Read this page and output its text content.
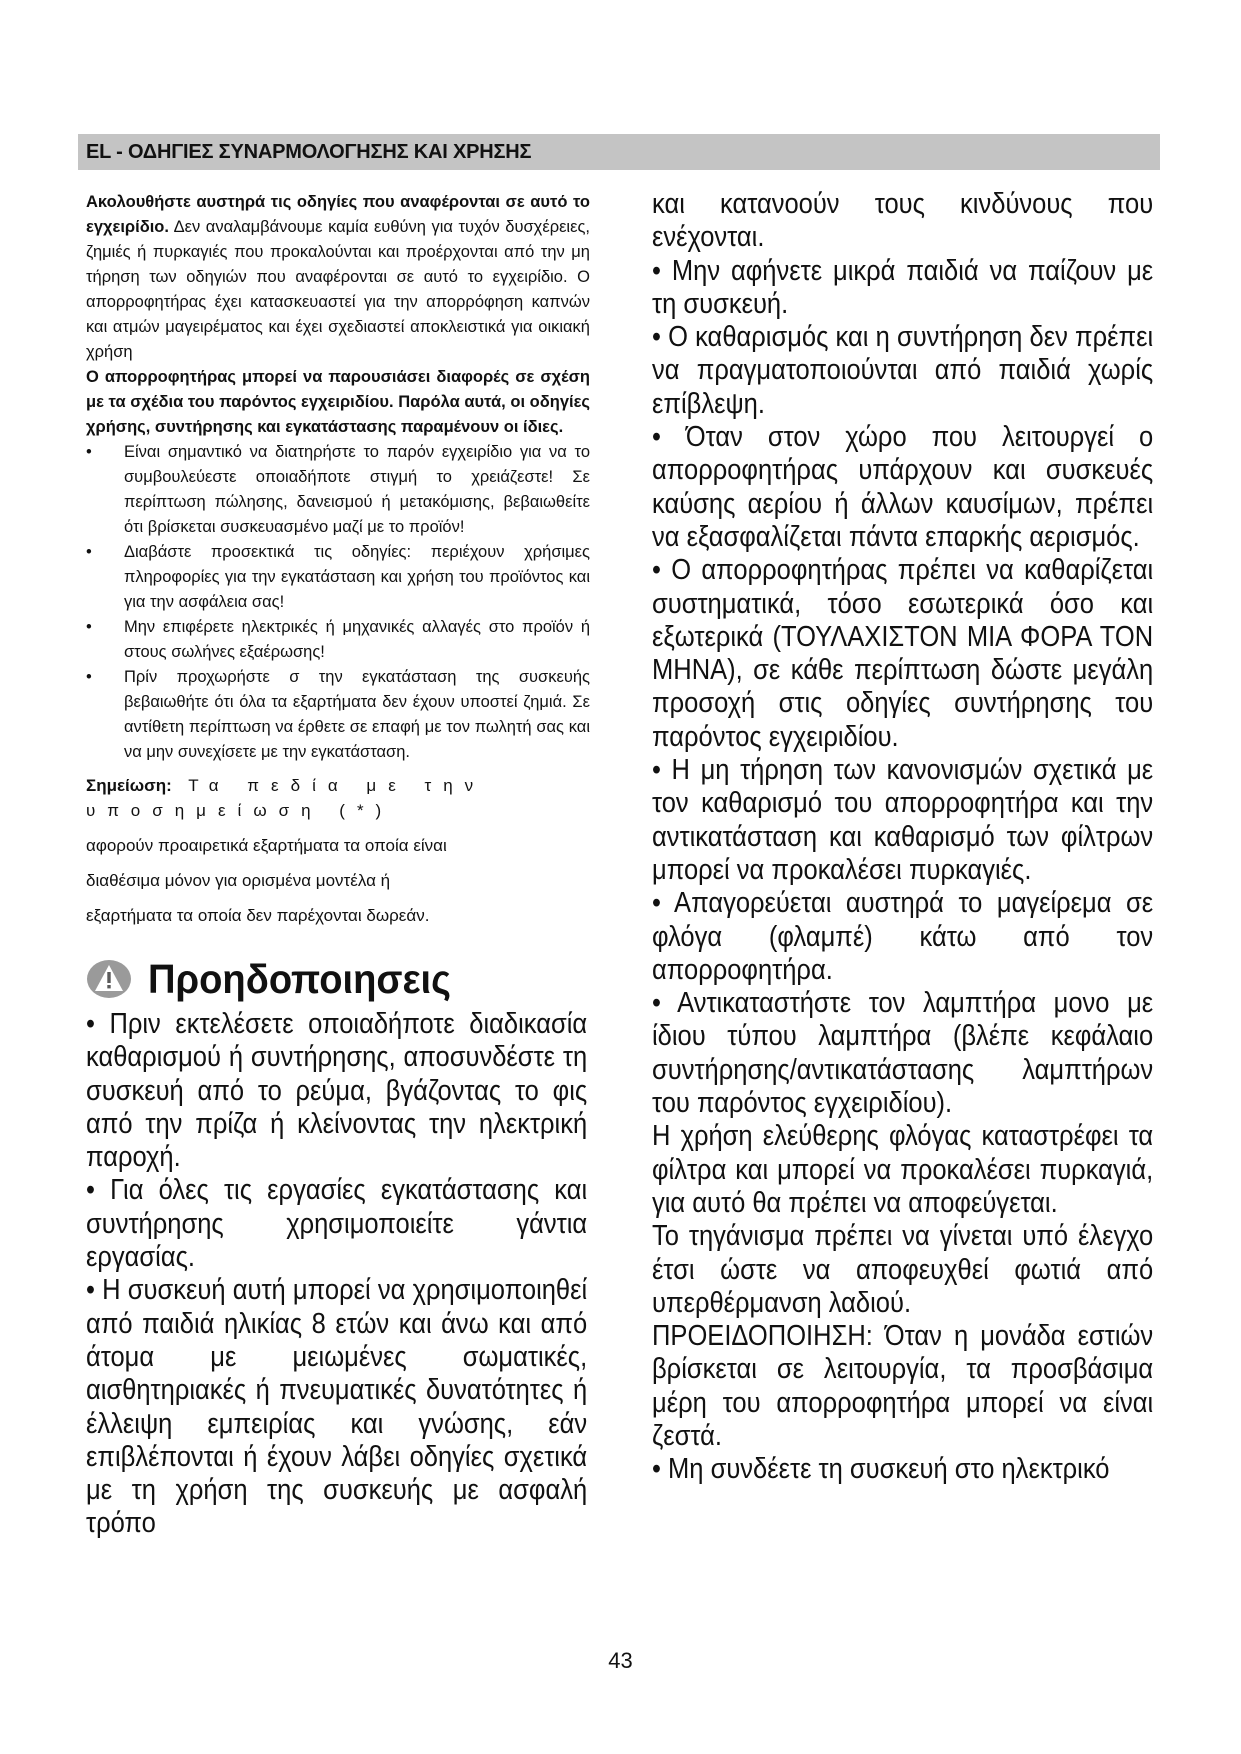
EL - ΟΔΗΓΙΕΣ ΣΥΝΑΡΜΟΛΟΓΗΣΗΣ ΚΑΙ ΧΡΗΣΗΣ

Ακολουθήστε αυστηρά τις οδηγίες που αναφέρονται σε αυτό το εγχειρίδιο. Δεν αναλαμβάνουμε καμία ευθύνη για τυχόν δυσχέρειες, ζημιές ή πυρκαγιές που προκαλούνται και προέρχονται από την μη τήρηση των οδηγιών που αναφέρονται σε αυτό το εγχειρίδιο. Ο απορροφητήρας έχει κατασκευαστεί για την απορρόφηση καπνών και ατμών μαγειρέματος και έχει σχεδιαστεί αποκλειστικά για οικιακή χρήση

Ο απορροφητήρας μπορεί να παρουσιάσει διαφορές σε σχέση με τα σχέδια του παρόντος εγχειριδίου. Παρόλα αυτά, οι οδηγίες χρήσης, συντήρησης και εγκατάστασης παραμένουν οι ίδιες.

• Είναι σημαντικό να διατηρήστε το παρόν εγχειρίδιο για να το συμβουλεύεστε οποιαδήποτε στιγμή το χρειάζεστε! Σε περίπτωση πώλησης, δανεισμού ή μετακόμισης, βεβαιωθείτε ότι βρίσκεται συσκευασμένο μαζί με το προϊόν!
• Διαβάστε προσεκτικά τις οδηγίες: περιέχουν χρήσιμες πληροφορίες για την εγκατάσταση και χρήση του προϊόντος και για την ασφάλεια σας!
• Μην επιφέρετε ηλεκτρικές ή μηχανικές αλλαγές στο προϊόν ή στους σωλήνες εξαέρωσης!
• Πρίν προχωρήστε σ την εγκατάσταση της συσκευής βεβαιωθήτε ότι όλα τα εξαρτήματα δεν έχουν υποστεί ζημιά. Σε αντίθετη περίπτωση να έρθετε σε επαφή με τον πωλητή σας και να μην συνεχίσετε με την εγκατάσταση.

Σημείωση: Τα πεδία με την υποσημείωση (*)

αφορούν προαιρετικά εξαρτήματα τα οποία είναι

διαθέσιμα μόνον για ορισμένα μοντέλα ή

εξαρτήματα τα οποία δεν παρέχονται δωρεάν.

Προηδοποιησεις

• Πριν εκτελέσετε οποιαδήποτε διαδικασία καθαρισμού ή συντήρησης, αποσυνδέστε τη συσκευή από το ρεύμα, βγάζοντας το φις από την πρίζα ή κλείνοντας την ηλεκτρική παροχή.

• Για όλες τις εργασίες εγκατάστασης και συντήρησης χρησιμοποιείτε γάντια εργασίας.

• Η συσκευή αυτή μπορεί να χρησιμοποιηθεί από παιδιά ηλικίας 8 ετών και άνω και από άτομα με μειωμένες σωματικές, αισθητηριακές ή πνευματικές δυνατότητες ή έλλειψη εμπειρίας και γνώσης, εάν επιβλέπονται ή έχουν λάβει οδηγίες σχετικά με τη χρήση της συσκευής με ασφαλή τρόπο

και κατανοούν τους κινδύνους που ενέχονται.

• Μην αφήνετε μικρά παιδιά να παίζουν με τη συσκευή.

• Ο καθαρισμός και η συντήρηση δεν πρέπει να πραγματοποιούνται από παιδιά χωρίς επίβλεψη.

• Όταν στον χώρο που λειτουργεί ο απορροφητήρας υπάρχουν και συσκευές καύσης αερίου ή άλλων καυσίμων, πρέπει να εξασφαλίζεται πάντα επαρκής αερισμός.

• Ο απορροφητήρας πρέπει να καθαρίζεται συστηματικά, τόσο εσωτερικά όσο και εξωτερικά (ΤΟΥΛΑΧΙΣΤΟΝ ΜΙΑ ΦΟΡΑ ΤΟΝ ΜΗΝΑ), σε κάθε περίπτωση δώστε μεγάλη προσοχή στις οδηγίες συντήρησης του παρόντος εγχειριδίου.

• Η μη τήρηση των κανονισμών σχετικά με τον καθαρισμό του απορροφητήρα και την αντικατάσταση και καθαρισμό των φίλτρων μπορεί να προκαλέσει πυρκαγιές.

• Απαγορεύεται αυστηρά το μαγείρεμα σε φλόγα (φλαμπέ) κάτω από τον απορροφητήρα.

• Αντικαταστήστε τον λαμπτήρα μονο με ίδιου τύπου λαμπτήρα (βλέπε κεφάλαιο συντήρησης/αντικατάστασης λαμπτήρων του παρόντος εγχειριδίου).

Η χρήση ελεύθερης φλόγας καταστρέφει τα φίλτρα και μπορεί να προκαλέσει πυρκαγιά, για αυτό θα πρέπει να αποφεύγεται.

Το τηγάνισμα πρέπει να γίνεται υπό έλεγχο έτσι ώστε να αποφευχθεί φωτιά από υπερθέρμανση λαδιού.

ΠΡΟΕΙΔΟΠΟΙΗΣΗ: Όταν η μονάδα εστιών βρίσκεται σε λειτουργία, τα προσβάσιμα μέρη του απορροφητήρα μπορεί να είναι ζεστά.

• Μη συνδέετε τη συσκευή στο ηλεκτρικό

43
